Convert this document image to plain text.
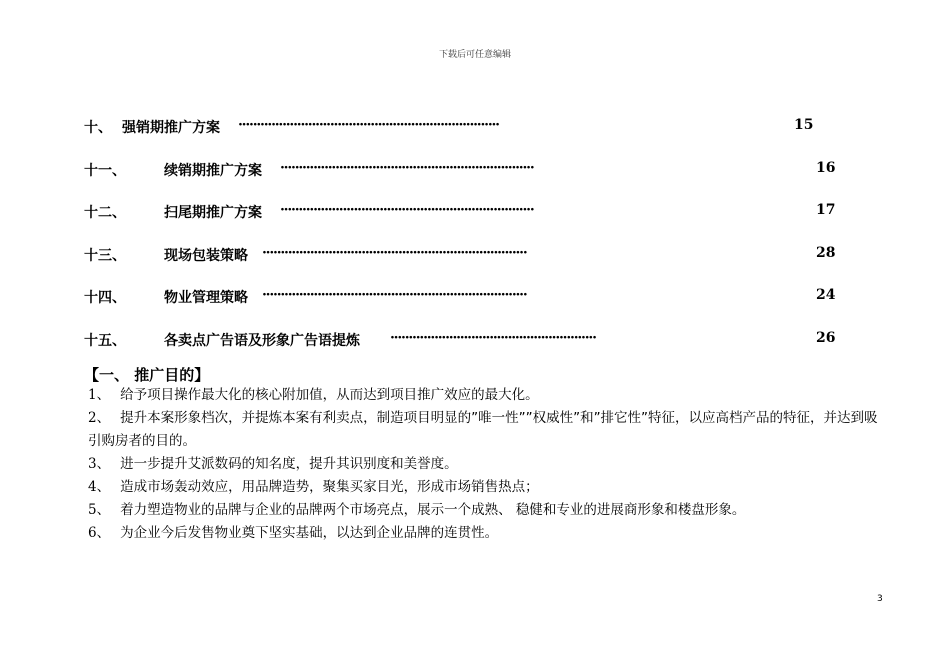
下载后可任意编辑
十、 强销期推广方案 ·······································································	15
十一、	续销期推广方案 ·····································································	16
十二、	扫尾期推广方案 ·····································································	17
十三、	现场包装策略 ········································································	28
十四、	物业管理策略 ········································································	24
十五、	各卖点广告语及形象广告语提炼 ························································	26
【一、 推广目的】
1、 给予项目操作最大化的核心附加值，从而达到项目推广效应的最大化。
2、 提升本案形象档次，并提炼本案有利卖点，制造项目明显的”唯一性””权威性”和”排它性”特征，以应高档产品的特征，并达到吸引购房者的目的。
3、 进一步提升艾派数码的知名度，提升其识别度和美誉度。
4、 造成市场轰动效应，用品牌造势，聚集买家目光，形成市场销售热点；
5、 着力塑造物业的品牌与企业的品牌两个市场亮点，展示一个成熟、 稳健和专业的进展商形象和楼盘形象。
6、 为企业今后发售物业奠下坚实基础，以达到企业品牌的连贯性。
3
